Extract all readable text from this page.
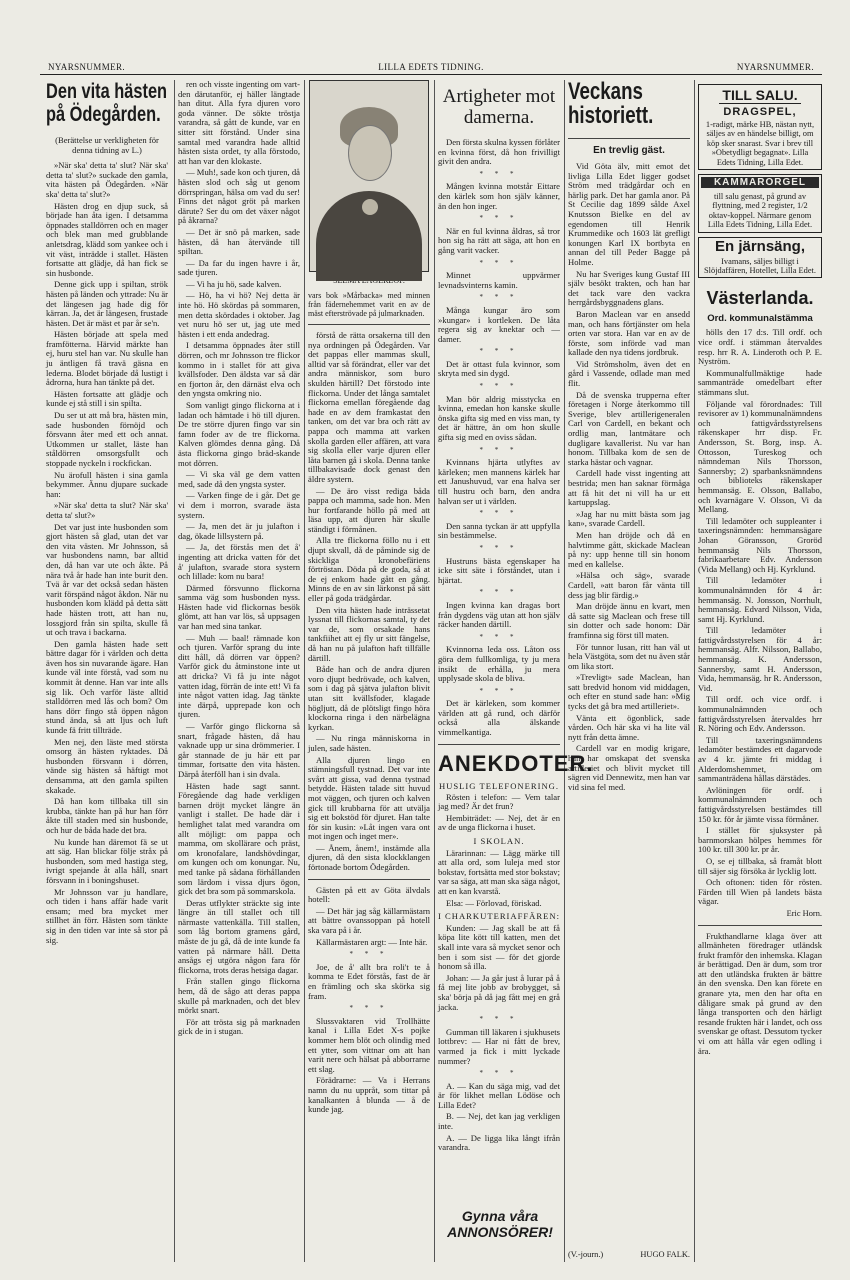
NYARSNUMMER.	LILLA EDETS TIDNING.	NYARSNUMMER.
Den vita hästen på Ödegården.
(Berättelse ur verkligheten för denna tidning av L.)

»När ska' detta ta' slut? När ska' detta ta' slut?» suckade den gamla, vita hästen på Ödegården. »När ska' detta ta' slut?»

Hästen drog en djup suck, så började han åta igen. I detsamma öppnades stalldörren och en mager och blek man med grubblande anletsdrag, klädd som yankee och i vit väst, inträdde i stallet. Hästen fortsatte att glädje, då han fick se sin husbonde.

Denne gick upp i spiltan, strök hästen på länden och yttrade: Nu är det längesen jag hade dig för kärran. Ja, det är längesen, frustade hästen. Det är mäst et par år se'n.

Hästen började att spela med framfötterna. Härvid märkte han ej, huru stel han var. Nu skulle han ju äntligen få travä gäsna en lederna. Blodet började då lustigt i ådrorna, hura han tänkte på det.

Hästen fortsatte att glädje och kunde ej stå still i sin spilta.

Du ser ut att må bra, hästen min, sade husbonden förnöjd och försvann åter med ett och annat. Utkommen ur stallet, läste han ståldörren omsorgsfullt och stoppade nyckeln i rockfickan.

Nu ärofull hästen i sina gamla bekymmer. Ännu djupare suckade han:

»När ska' detta ta slut? När ska' detta ta' slut?»

Det var just inte husbonden som gjort hästen så glad, utan det var den vita västen. Mr Johnsson, så var husbondens namn, bar alltid den, då han var ute och åkte. På nära två år hade han inte burit den. Tvä år var det också sedan hästen varit förspänd något åkdon. När nu husbonden kom klädd på detta sätt hade hästen trott, att han nu, lossgjord från sin spilta, skulle få ut och trava i backarna.

Den gamla hästen hade sett bättre dagar för i världen och detta även hos sin nuvarande ägare. Han kunde väl inte förstå, vad som nu kommit åt denne. Han var inte alls sig lik. Och varför läste alltid stalldörren med lås och bom? Om hans dörr fingo stå öppen någon stund ända, så att ljus och luft kunde fä fritt tillträde.

Men nej, den läste med största omsorg än hästen ryktades. Då husbonden försvann i dörren, vände sig hästen så häftigt mot densamma, att den gamla spilten skakade.

Då han kom tillbaka till sin krubba, tänkte han på hur han förr åkte till staden med sin husbonde, och hur de båda hade det bra.

Nu kunde han däremot fä se ut att säg. Han blickar följe stråx på husbonden, som med hastiga steg, ivrigt spejande åt alla håll, snart försvann in i boningshuset.

Mr Johnsson var ju handlare, och tiden i hans affär hade varit ensam; med bra mycket mer stillhet än förr. Hästen som tänkte sig in den tiden var inte så stor på sig.

ren och visste ingenting om vart-den därutanför, ej häller längtade han ditut. Alla fyra djuren voro goda vänner. De sökte tröstja varandra, så gått de kunde, var en sitter sitt förstånd. Under sina samtal med varandra hade alltid hästen sista ordet, ty alla förstodo, att han var den klokaste.

— Muh!, sade kon och tjuren, då hästen slod och såg ut genom dörrspringan, hälsa om vad du ser! Finns det något gröt på marken därute? Ser du om det växer något på åkrarna?

— Det är snö på marken, sade hästen, då han återvände till spiltan.

— Da far du ingen havre i år, sade tjuren.

— Vi ha ju hö, sade kalven.

— Hö, ha vi hö? Nej detta är inte hö. Hö skördas på sommaren, men detta skördades i oktober. Jag vet nuru hö ser ut, jag ute med hästen i ett enda andedrag.

I detsamma öppnades åter still dörren, och mr Johnsson tre flickor kommo in i stallet för att giva kvällsfoder. Den äldsta var så där en fjorton år, den därnäst elva och den yngsta omkring nio.

Som vanligt gingo flickorna at i ladan och hämtade i hö till djuren. De tre större djuren fingo var sin famn foder av de tre flickorna. Kalven glömdes denna gång. Då ästa flickorna gingo bräd-skande mot dörren.

— Vi ska väl ge dem vatten med, sade då den yngsta syster.

— Varken finge de i går. Det ge vi dem i morron, svarade ästa systern.

— Ja, men det är ju julafton i dag, ökade lillsystern på.

— Ja, det förstås men det å' ingenting att dricka vatten för det å' julafton, svarade stora systern och lillade: kom nu bara!

Därmed försvunno flickorna samma väg som husbonden nyss. Hästen hade vid flickornas besök glömt, att han var lös, så uppsagen var han med sina tankar.

— Muh — baal! rämnade kon och tjuren. Varför sprang du inte ditt håll, då dörren var öppen? Varför gick du åtminstone inte ut att dricka? Vi få ju inte något vatten idag, förrän de inte ett! Vi fa inte något vatten idag. Jag tänkte inte därpå, upprepade kon och tjuren.

— Varför gingo flickorna så snart, frågade hästen, då hau vaknade upp ur sina drömmerier. I går stannade de ju här ett par timmar, fortsatte den vita hästen. Därpå återföll han i sin dvala.

Hästen hade sagt sannt. Föregående dag hade verkligen barnen dröjt mycket längre än vanligt i stallet. De hade där i hemlighet talat med varandra om allt möjligt: om pappa och mamma, om skollärare och präst, om kronofalare, landshövdingar, om kungen och om konungar. Nu, med tanke på sådana förhållanden som lärdom i vissa djurs ögon, gick det bra som på sommarskola.

Deras utflykter sträckte sig inte längre än till stallet och till närmaste vattenkälla. Till stallen, som låg bortom gramens gård, måste de ju gå, då de inte kunde fa vatten på närmare håll. Detta ansågs ej utgöra någon fara för flickorna, trots deras hetsiga dagar.

Från stallen gingo flickorna hem, då de sågo att deras pappa skulle på marknaden, och det blev mörkt snart.

För att trösta sig på marknaden gick de in i stugan.

vars bok »Mårbacka» med minnen från fädernehemmet varit en av de mäst efterströvade på julmarknaden.

förstå de rätta orsakerna till den nya ordningen på Ödegården. Var det pappas eller mammas skull, alltid var så förändrat, eller var det andra människor, som buro skulden härtill? Det förstodo inte flickorna. Under det långa samtalet flickorna emellan föregående dag hade en av dem framkastat den tanken, om det var bra och rätt av pappa och mamma att varken skolla garden eller affären, att vara sig skolla eller varje djuren eller låta barnen gå i skola. Denna tanke tillbakavisade dock genast den äldre systern.

— De äro visst rediga båda pappa och mamma, sade hon. Men hur fortfarande höllo på med att läsa upp, att djuren här skulle ständigt i förmånen.

Alla tre flickorna föllo nu i ett djupt skvall, då de påminde sig de skickliga kronobefäriens förtröstan. Döda på de goda, så at de ej enkom hade gått en gång. Minns de en av sin lärkonst på sätt eller på goda trädgårdar.

Den vita hästen hade inträssetat lyssnat till flickornas samtal, ty det var de, som orsakade hans tankfiihet att ej fly ur sitt fängelse, då han nu på julafton haft tillfälle därtill.

Både han och de andra djuren voro djupt bedrövade, och kalven, som i dag på sjätva julafton blivit utan sitt kvällsfoder, klagade högljutt, då de plötsligt fingo höra klockorna ringa i den närbelägna kyrkan.

— Nu ringa människorna in julen, sade hästen.

Alla djuren lingo en stämningsfull tystnad. Det var inte svårt att gissa, vad denna tystnad betydde. Hästen talade sitt huvud mot väggen, och tjuren och kalven gick till krubbarna för att utvälja sig ett bokstöd för djuret. Han talte för sin kusin: »Låt ingen vara ont mot ingen och inget mer».

— Ånem, ånem!, instämde alla djuren, då den sista klockklangen förtonade bortom Ödegården.

Gästen på ett av Göta älvdals hotell:

— Det här jag såg källarmästarn att bättre ovanssoppan på hotell ska vara på i år.

Källarmästaren argt: — Inte här.

* * *

Joe, de å' allt bra roli't te å komma te Edet förstås, fast de är en främling och ska skörka sig fram.

* * *

Slussvaktaren vid Trollhätte kanal i Lilla Edet X-s pojke kommer hem blöt och olindig med ett ytter, som vittnar om att han varit nere och hälsat på abborrarne ett slag.

Förädrarne: — Va i Herrans namn du nu uppråt, som tittar på kanalkanten å blunda — å de kunde jag.

Artigheter mot
damerna.

Den första skulna kyssen förlåter en kvinna först, då hon frivilligt givit den andra.

* * *

Mången kvinna motstår Eittare den kärlek som hon själv känner, än den hon inger.

* * *

När en ful kvinna åldras, så tror hon sig ha rätt att säga, att hon en gång varit vacker.

* * *

Minnet uppvärmer levnadsvinterns kamin.

* * *

Många kungar äro som »kungar» i kortleken. De låta regera sig av knektar och — damer.

* * *

Det är ottast fula kvinnor, som skryta med sin dygd.

* * *

Man bör aldrig misstycka en kvinna, emedan hon kanske skulle önska gifta sig med en viss man, ty det är hättre, än om hon skulle gifta sig med en oviss sådan.

* * *

Kvinnans hjärta utlyftes av kärleken; men mannens kärlek har ett Janushuvud, var ena halva ser till hustru och barn, den andra halvan ser ut i världen.

* * *

Den sanna tyckan är att uppfylla sin bestämmelse.

* * *

Hustruns bästa egenskaper ha icke sitt säte i förståndet, utan i hjärtat.

* * *

Ingen kvinna kan dragas bort från dygdens väg utan att hon själv räcker handen därtill.

* * *

Kvinnorna leda oss. Låton oss göra dem fullkomliga, ty ju mera insikt de erhålla, ju mera upplysade skola de bliva.

* * *

Det är kärleken, som kommer världen att gå rund, och därför också alla älskande vimmelkantiga.

ANEKDOTER.
HUSLIG TELEFONERING.

Rösten i telefon: — Vem talar jag med? Är det frun?

Hembiträdet: — Nej, det är en av de unga flickorna i huset.

I SKOLAN.

Lärarinnan: — Lägg märke till att alla ord, som luleja med stor bokstav, fortsätta med stor bokstav; var sa säga, att man ska säga något, att en kan kvarstå.

Elsa: — Förlovad, föriskad.

I CHARKUTERIAFFÄREN:

Kunden: — Jag skall be att få köpa lite kött till katten, men det skall inte vara så mycket senor och ben i som sist — för det gjorde honom så illa.

Johan: — Ja går just å lurar på å få mej lite jobb av brobygget, så ska' börja på då jag fått mej en grå jacka.

* * *

Gumman till läkaren i sjukhusets lottbrev: — Har ni fått de brev, varmed ja fick i mitt lyckade nummer?

* * *

A. — Kan du säga mig, vad det är för likhet mellan Lödöse och Lilla Edet?

B. — Nej, det kan jag verkligen inte.

A. — De ligga lika långt ifrån varandra.

Gynna våra
ANNONSÖRER!
Veckans historiett.
En trevlig gäst.

Vid Göta älv, mitt emot det livliga Lilla Edet ligger godset Ström med trädgårdar och en härlig park. Det har gamla anor. På St Cecilie dag 1899 sålde Axel Knutsson Bielke en del av egendomen till Henrik Krummedike och 1603 lät grefligt konungen Karl IX bortbyta en annan del till Peder Bagge på Holme.

Nu har Sveriges kung Gustaf III själv besökt trakten, och han har det tack vare den vackra herrgårdsbyggnadens glans.

Baron Maclean var en ansedd man, och hans förtjänster om hela orten var stora. Han var en av de förste, som införde vad man kallade den nya tidens jordbruk.

Vid Strömsholm, även det en gård i Vassende, odlade man med flit.

Då de svenska trupperna efter företagen i Norge återkommo till Sverige, blev artillerigeneralen Carl von Cardell, en bekant och ordlig man, lantmätare och dugligare kavallerist. Nu var han honom. Tillbaka kom de sen de starka hästar och vagnar.

Cardell hade visst ingenting att bestrida; men han saknar förmåga att få hit det ni vill ha ur ett kartuppslag.

»Jag har nu mitt bästa som jag kan», svarade Cardell.

Men han dröjde och då en halvtimme gått, skickade Maclean på ny: upp henne till sin honom med en kallelse.

»Hälsa och säg», svarade Cardell, »att baron får vänta till dess jag blir färdig.»

Man dröjde ännu en kvart, men då satte sig Maclean och frese till sin dotter och sade honom: Där framfinna sig först till maten.

För tunnor lusan, ritt han väl ut hela Västgöta, som det nu även står om lika stort.

»Trevligt» sade Maclean, han satt bredvid honom vid middagen, och efter en stund sade han: »Mig tycks det gå bra med artilleriet».

Vänta ett ögonblick, sade vården. Och här ska vi ha lite väl nytt från detta ämne.

Cardell var en modig krigare, han har omskapat det svenska artilleriet och blivit mycket till sägren vid Dennewitz, men han var vid sina fel med.

(V.-journ.)	HUGO FALK.
TILL SALU.
DRAGSPEL,
1-radigt, märke HB, nästan nytt, säljes av en händelse billigt, om köp sker snarast. Svar i brev till »Obetydligt begagnat». Lilla Edets Tidning, Lilla Edet.
KAMMARORGEL
till salu genast, på grund av flyttning, med 2 register, 1/2 oktav-koppel. Närmare genom Lilla Edets Tidning, Lilla Edet.
En järnsäng,
Ivamans, säljes billigt i Slöjdaffären, Hotellet, Lilla Edet.
Västerlanda.
Ord. kommunalstämma

hölls den 17 d:s. Till ordf. och vice ordf. i stämman återvaldes resp. hrr R. A. Linderoth och P. E. Nyström.

Kommunalfullmäktige hade sammanträde omedelbart efter stämmans slut.

Följande val förordnades: Till revisorer av 1) kommunalnämndens och fattigvårdsstyrelsens räkenskaper hrr disp. Fr. Andersson, St. Borg, insp. A. Ottosson, Tureskog och nämndeman Nils Thorsson, Sannersby; 2) sparbanksnämndens och biblioteks räkenskaper hemmansäg. E. Olsson, Ballabo, och kvarnägare V. Olsson, Vi da Mellang.

Till ledamöter och suppleanter i taxeringsnämnden: hemmansägare Johan Göransson, Groröd hemmansäg Nils Thorsson, fabrikaarbetare Edv. Andersson (Vida Mellang) och Hj. Kyrklund.

Till ledamöter i kommunalnämnden för 4 år: hemmansäg. N. Jonsson, Norrhult, hemmansäg. Edvard Nilsson, Vida, samt Hj. Kyrklund.

Till ledamöter i fattigvårdsstyrelsen för 4 år: hemmansäg. Alfr. Nilsson, Ballabo, hemmansäg. K. Andersson, Sannersby, samt H. Andersson, Vida, hemmansäg. hr R. Andersson, Vid.

Till ordf. och vice ordf. i kommunalnämnden och fattigvårdsstyrelsen återvaldes hrr R. Nöring och Edv. Andersson.

Till taxeringsnämndens ledamöter bestämdes ett dagarvode av 4 kr. jämte fri middag i Alderdomshemmet, om sammanträdena hållas därstädes.

Avlöningen för ordf. i kommunalnämnden och fattigvårdsstyrelsen bestämdes till 150 kr. för år jämte vissa förmåner.

I stället för sjuksyster på barnmorskan hölpes hemmes för 100 kr. till 300 kr. pr år.

O, se ej tillbaka, så framåt blott till säjer sig försöka är lycklig lott.

Och oftonen: tiden för rösten. Färden till Wien på landets bästa vägar.

Eric Horn.

Frukthandlarne klaga över att allmänheten föredrager utländsk frukt framför den inhemska. Klagan är berättigad. Den är dum, som tror att den utländska frukten är bättre än den svenska. Den kan förete en granare yta, men den har ofta en dåligare smak på grund av den långa transporten och den härligt resande frukten här i landet, och oss svenskar ge oftast. Dessutom tycker vi om att hålla vår egen odling i ära.
